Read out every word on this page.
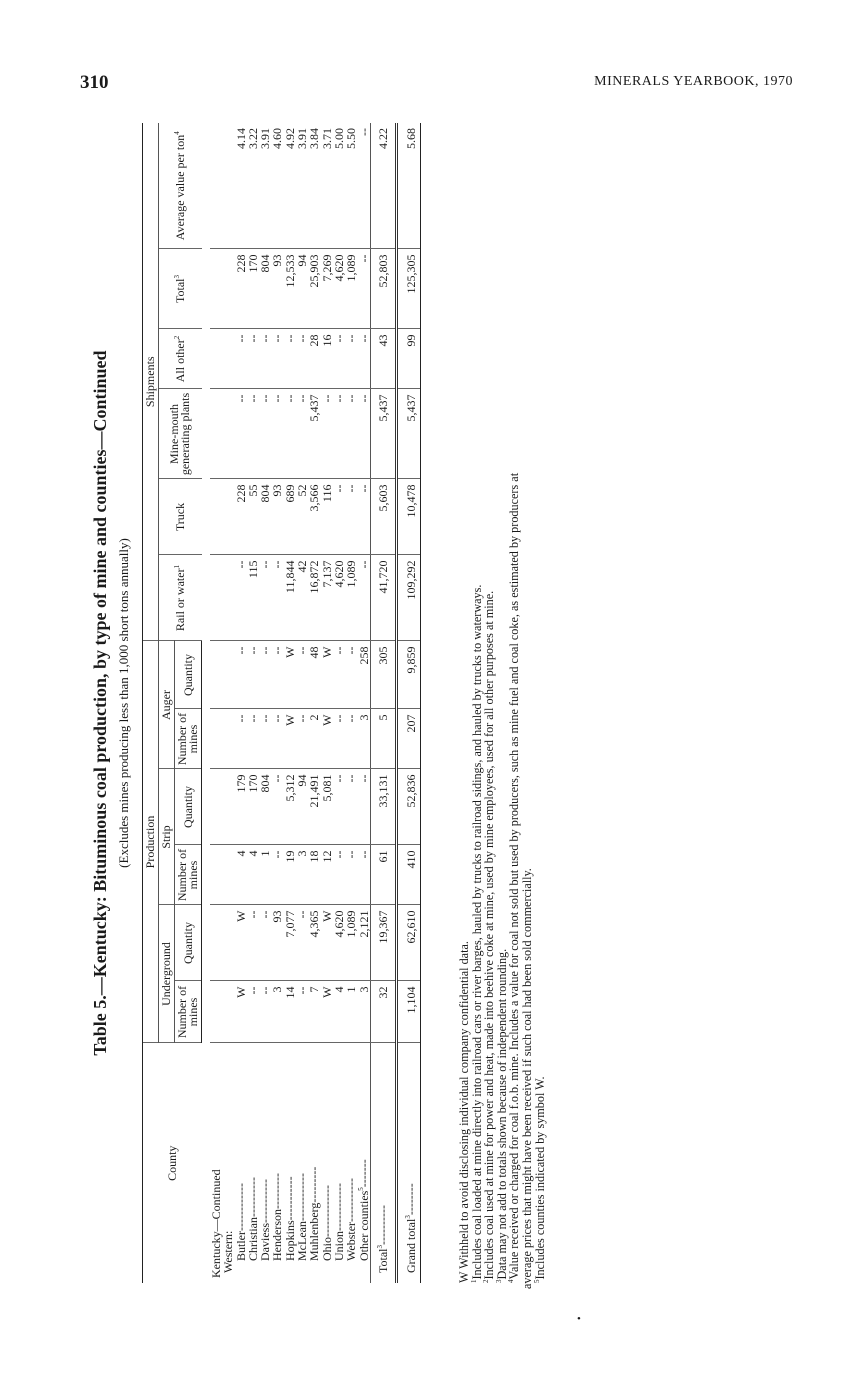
310	MINERALS YEARBOOK, 1970
Table 5.—Kentucky: Bituminous coal production, by type of mine and counties—Continued (Excludes mines producing less than 1,000 short tons annually)
County	Production						Shipments					
	Underground		Strip		Auger		Rail or water$^1$	Truck	Mine-mouth generating plants	All other$^2$	Total$^3$	Average value per ton$^4$
	Number of mines	Quantity	Number of mines	Quantity	Number of mines	Quantity						

Kentucky—Continued												
Western:												
Butler------------	W	W	4	179	--	--	--	228	--	--	228	4.14
Christian----------	--	--	4	170	--	--	115	55	--	--	170	3.22
Daviess-----------	--	--	1	804	--	--	--	804	--	--	804	3.91
Henderson---------	3	93	--	--	--	--	--	93	--	--	93	4.60
Hopkins-----------	14	7,077	19	5,312	W	W	11,844	689	--	--	12,533	4.92
McLean------------	--	--	3	94	--	--	42	52	--	--	94	3.91
Muhlenberg---------	7	4,365	18	21,491	2	48	16,872	3,566	5,437	28	25,903	3.84
Ohio-------------	W	W	12	5,081	W	W	7,137	116	--	16	7,269	3.71
Union------------	4	4,620	--	--	--	--	4,620	--	--	--	4,620	5.00
Webster-----------	1	1,089	--	--	--	--	1,089	--	--	--	1,089	5.50
Other counties$^5$-------	3	2,121	--	--	3	258	--	--	--	--	--	--
Total$^3$----------	32	19,367	61	33,131	5	305	41,720	5,603	5,437	43	52,803	4.22
Grand total$^3$--------	1,104	62,610	410	52,836	207	9,859	109,292	10,478	5,437	99	125,305	5.68

W Withheld to avoid disclosing individual company confidential data.

$^1$Includes coal loaded at mine directly into railroad cars or river barges, hauled by trucks to railroad sidings, and hauled by trucks to waterways.

$^2$Includes coal used at mine for power and heat, made into beehive coke at mine, used by mine employees, used for all other purposes at mine.

$^3$Data may not add to totals shown because of independent rounding.

$^4$Value received or charged for coal f.o.b. mine. Includes a value for coal not sold but used by producers, such as mine fuel and coal coke, as estimated by producers at

average prices that might have been received if such coal had been sold commercially.

$^5$Includes counties indicated by symbol W.

•
